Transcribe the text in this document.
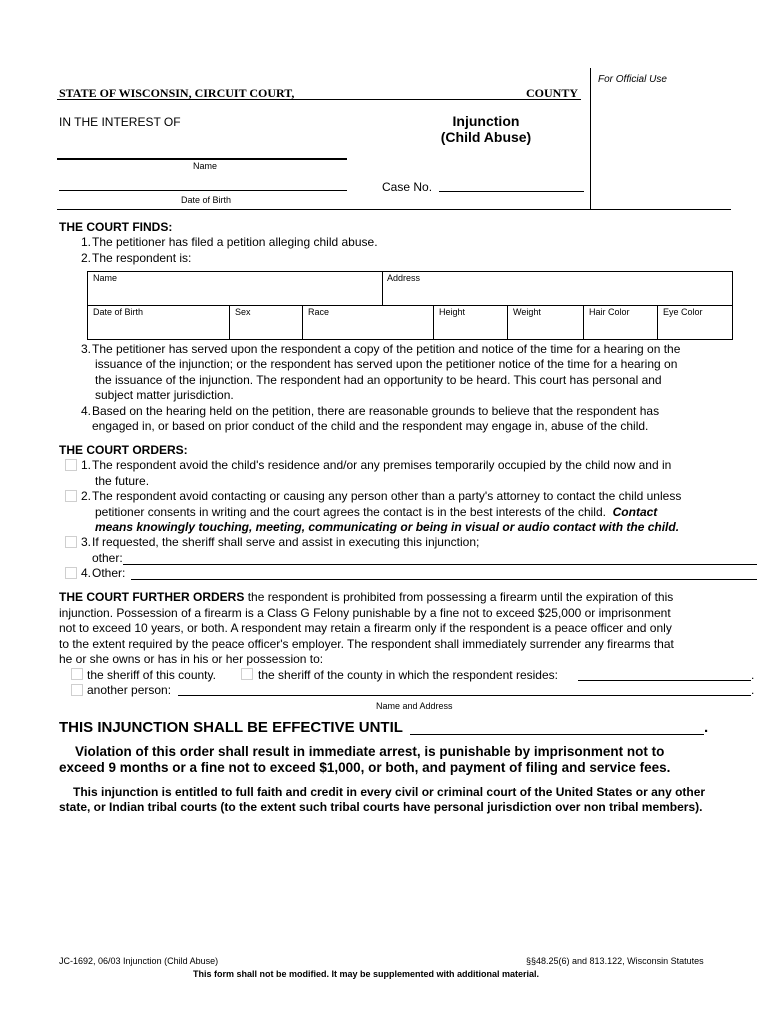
STATE OF WISCONSIN, CIRCUIT COURT,	COUNTY
For Official Use
IN THE INTEREST OF	Injunction
(Child Abuse)
Name
Date of Birth
Case No.
THE COURT FINDS:
1. The petitioner has filed a petition alleging child abuse.
2. The respondent is:
Name	Address
Date of Birth	Sex	Race	Height	Weight	Hair Color	Eye Color
3. The petitioner has served upon the respondent a copy of the petition and notice of the time for a hearing on the
issuance of the injunction; or the respondent has served upon the petitioner notice of the time for a hearing on
the issuance of the injunction. The respondent had an opportunity to be heard. This court has personal and
subject matter jurisdiction.
4. Based on the hearing held on the petition, there are reasonable grounds to believe that the respondent has
engaged in, or based on prior conduct of the child and the respondent may engage in, abuse of the child.
THE COURT ORDERS:
1. The respondent avoid the child's residence and/or any premises temporarily occupied by the child now and in
the future.
2. The respondent avoid contacting or causing any person other than a party's attorney to contact the child unless
petitioner consents in writing and the court agrees the contact is in the best interests of the child. Contact
means knowingly touching, meeting, communicating or being in visual or audio contact with the child.
3. If requested, the sheriff shall serve and assist in executing this injunction;
other:
4. Other:
THE COURT FURTHER ORDERS the respondent is prohibited from possessing a firearm until the expiration of this
injunction. Possession of a firearm is a Class G Felony punishable by a fine not to exceed $25,000 or imprisonment
not to exceed 10 years, or both. A respondent may retain a firearm only if the respondent is a peace officer and only
to the extent required by the peace officer's employer. The respondent shall immediately surrender any firearms that
he or she owns or has in his or her possession to:
the sheriff of this county.	the sheriff of the county in which the respondent resides:	.
another person:	.
Name and Address
THIS INJUNCTION SHALL BE EFFECTIVE UNTIL	.
Violation of this order shall result in immediate arrest, is punishable by imprisonment not to
exceed 9 months or a fine not to exceed $1,000, or both, and payment of filing and service fees.
This injunction is entitled to full faith and credit in every civil or criminal court of the United States or any other
state, or Indian tribal courts (to the extent such tribal courts have personal jurisdiction over non tribal members).
JC-1692, 06/03 Injunction (Child Abuse)	§§48.25(6) and 813.122, Wisconsin Statutes
This form shall not be modified. It may be supplemented with additional material.
